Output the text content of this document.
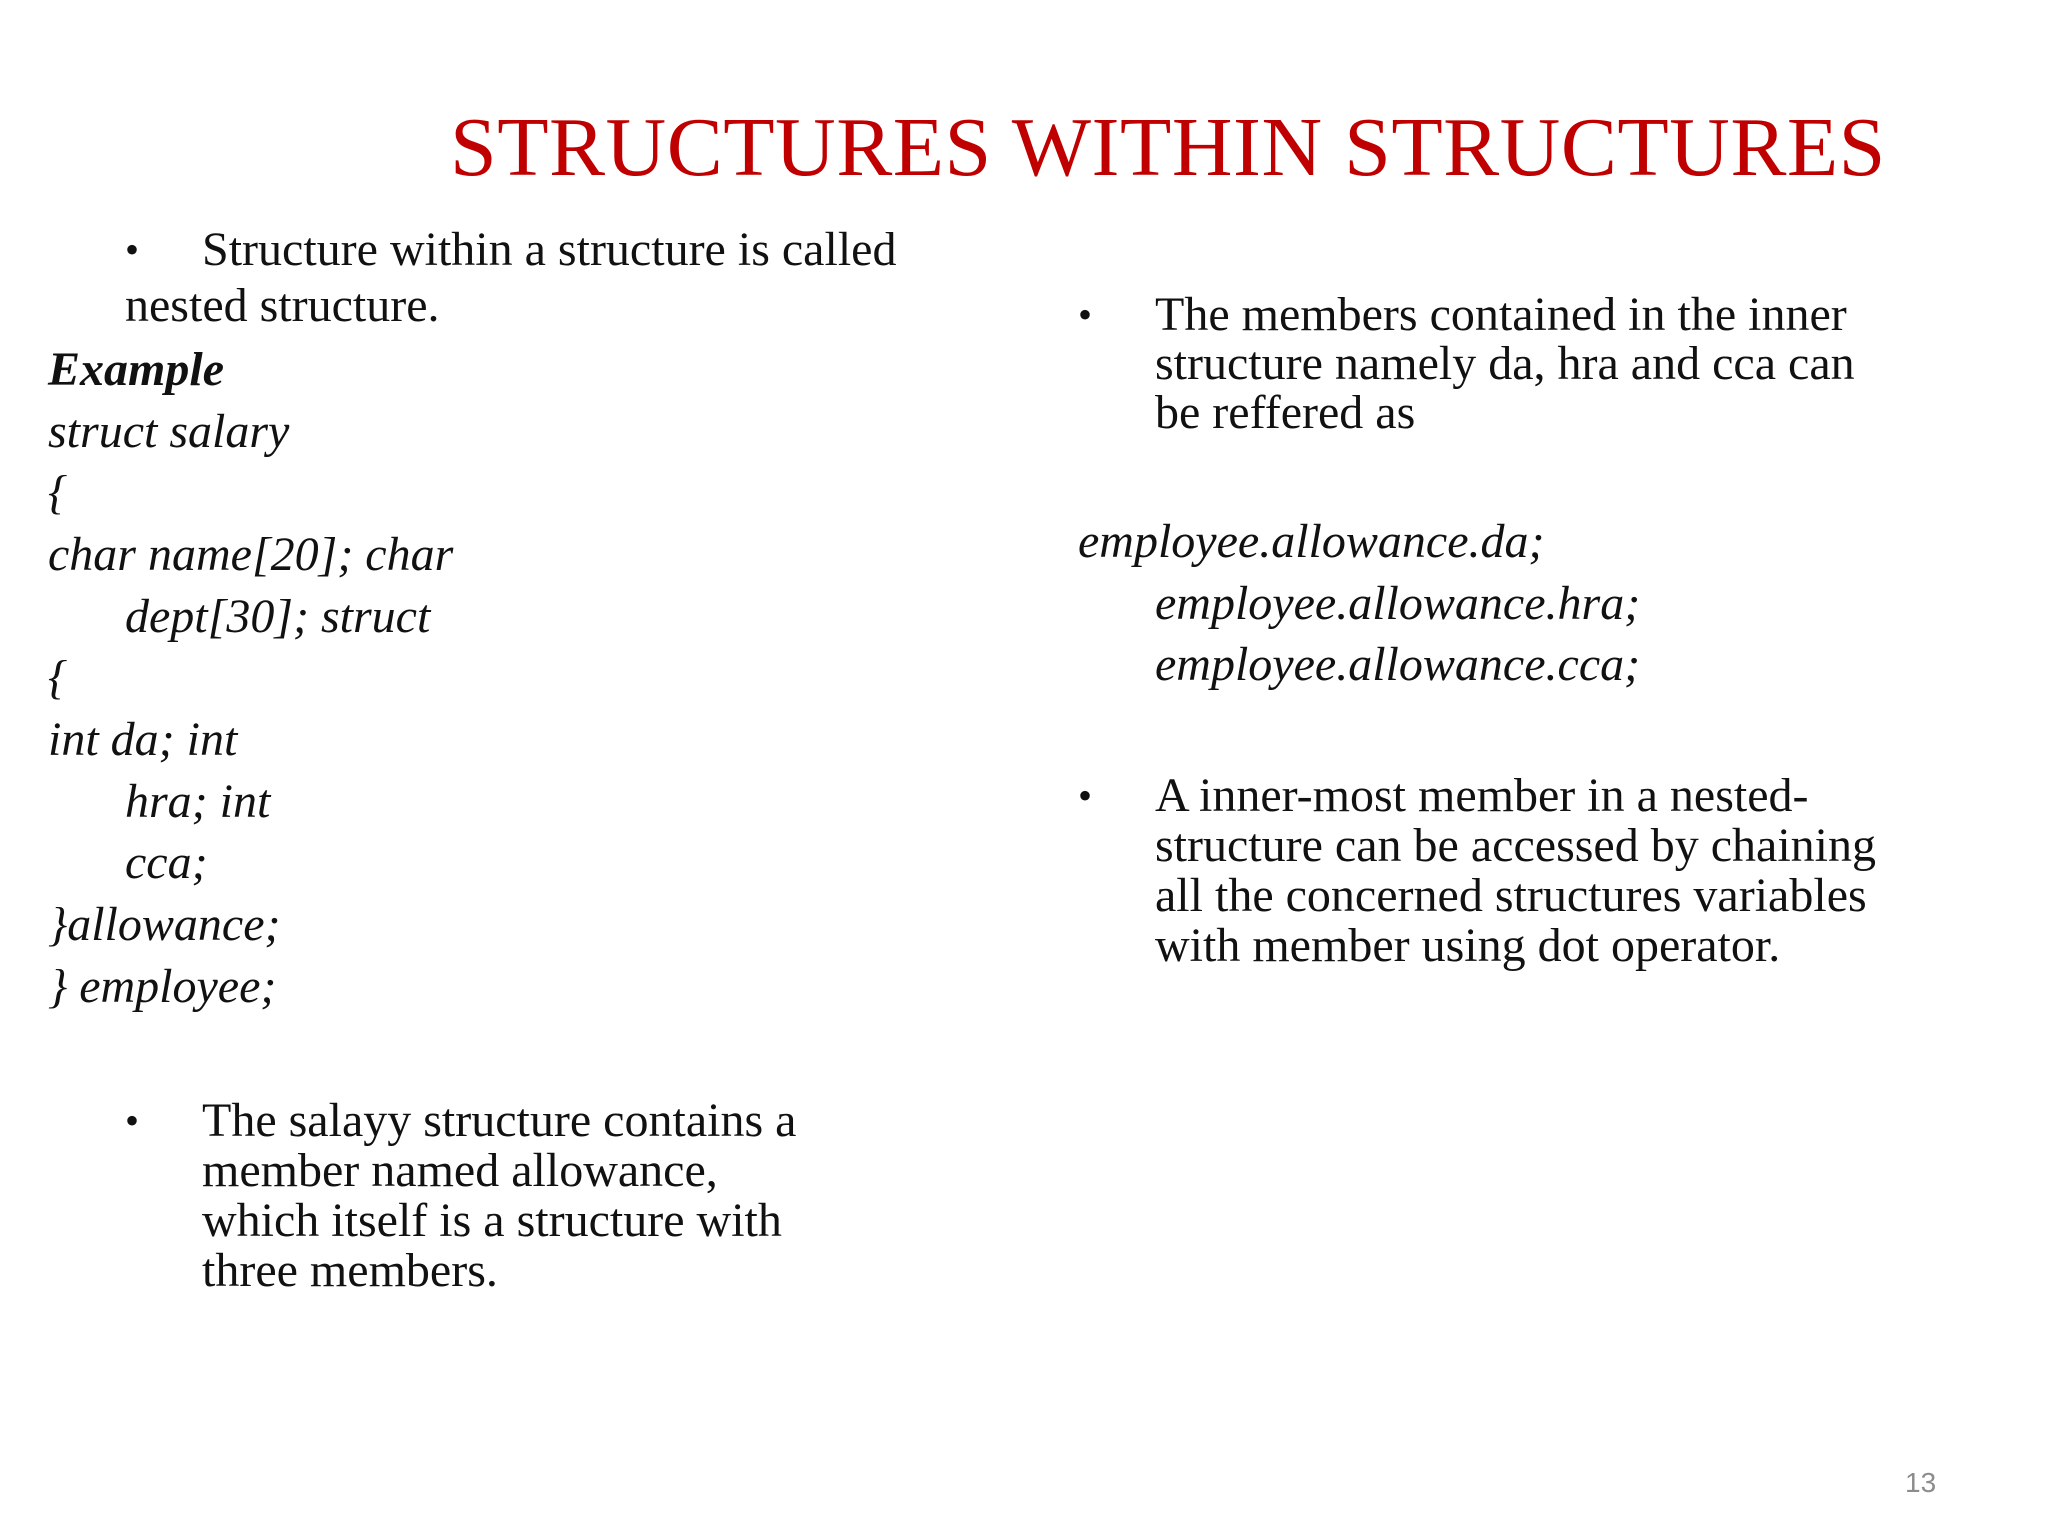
STRUCTURES WITHIN STRUCTURES
• Structure within a structure is called

nested structure.

Example

struct salary

{

char name[20]; char

dept[30]; struct

{

int da; int

hra; int

cca;

}allowance;

} employee;

• The salayy structure contains a

member named allowance,

which itself is a structure with

three members.

• The members contained in the inner

structure namely da, hra and cca can

be reffered as

employee.allowance.da;

employee.allowance.hra;

employee.allowance.cca;

• A inner-most member in a nested-

structure can be accessed by chaining

all the concerned structures variables

with member using dot operator.

13
